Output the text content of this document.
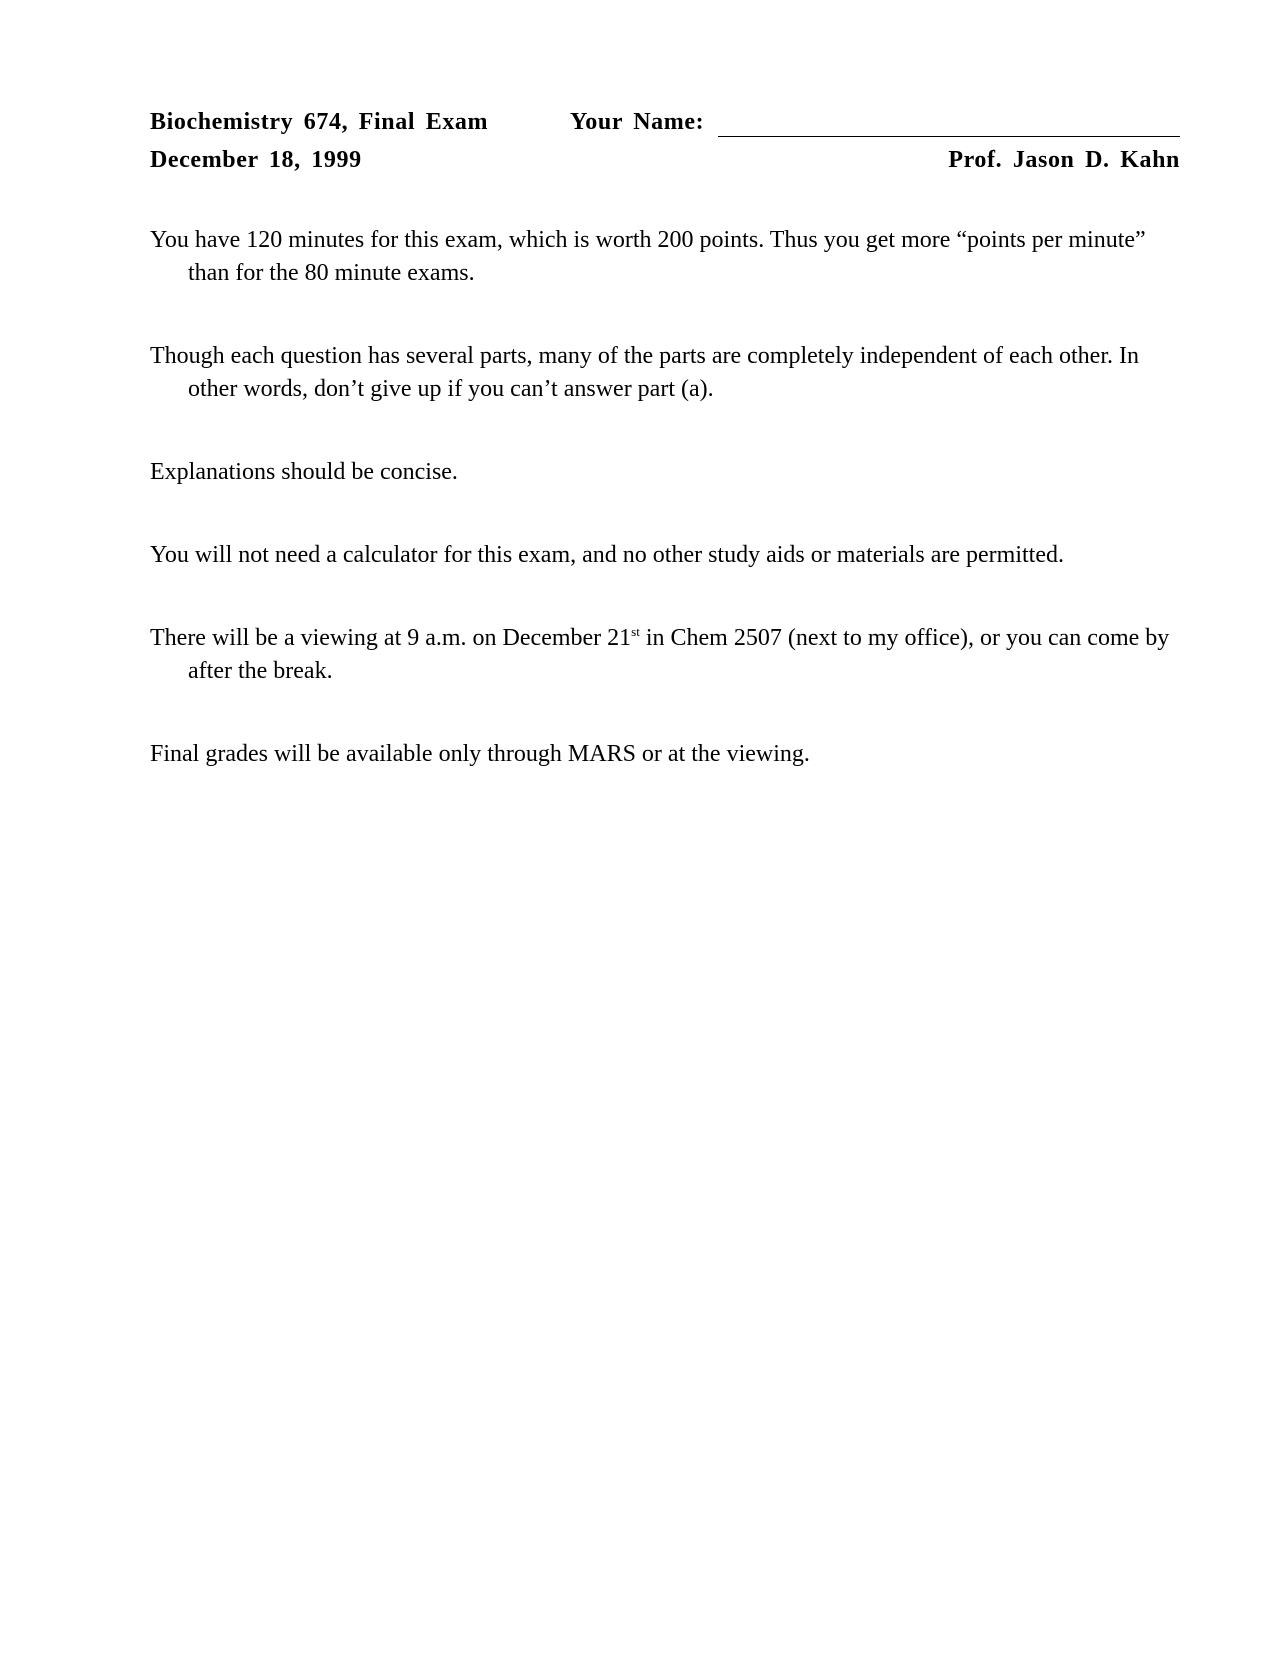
Biochemistry 674, Final Exam	Your Name:
December 18, 1999	Prof. Jason D. Kahn

You have 120 minutes for this exam, which is worth 200 points. Thus you get more “points per minute” than for the 80 minute exams.

Though each question has several parts, many of the parts are completely independent of each other. In other words, don’t give up if you can’t answer part (a).

Explanations should be concise.

You will not need a calculator for this exam, and no other study aids or materials are permitted.

There will be a viewing at 9 a.m. on December 21st in Chem 2507 (next to my office), or you can come by after the break.

Final grades will be available only through MARS or at the viewing.
